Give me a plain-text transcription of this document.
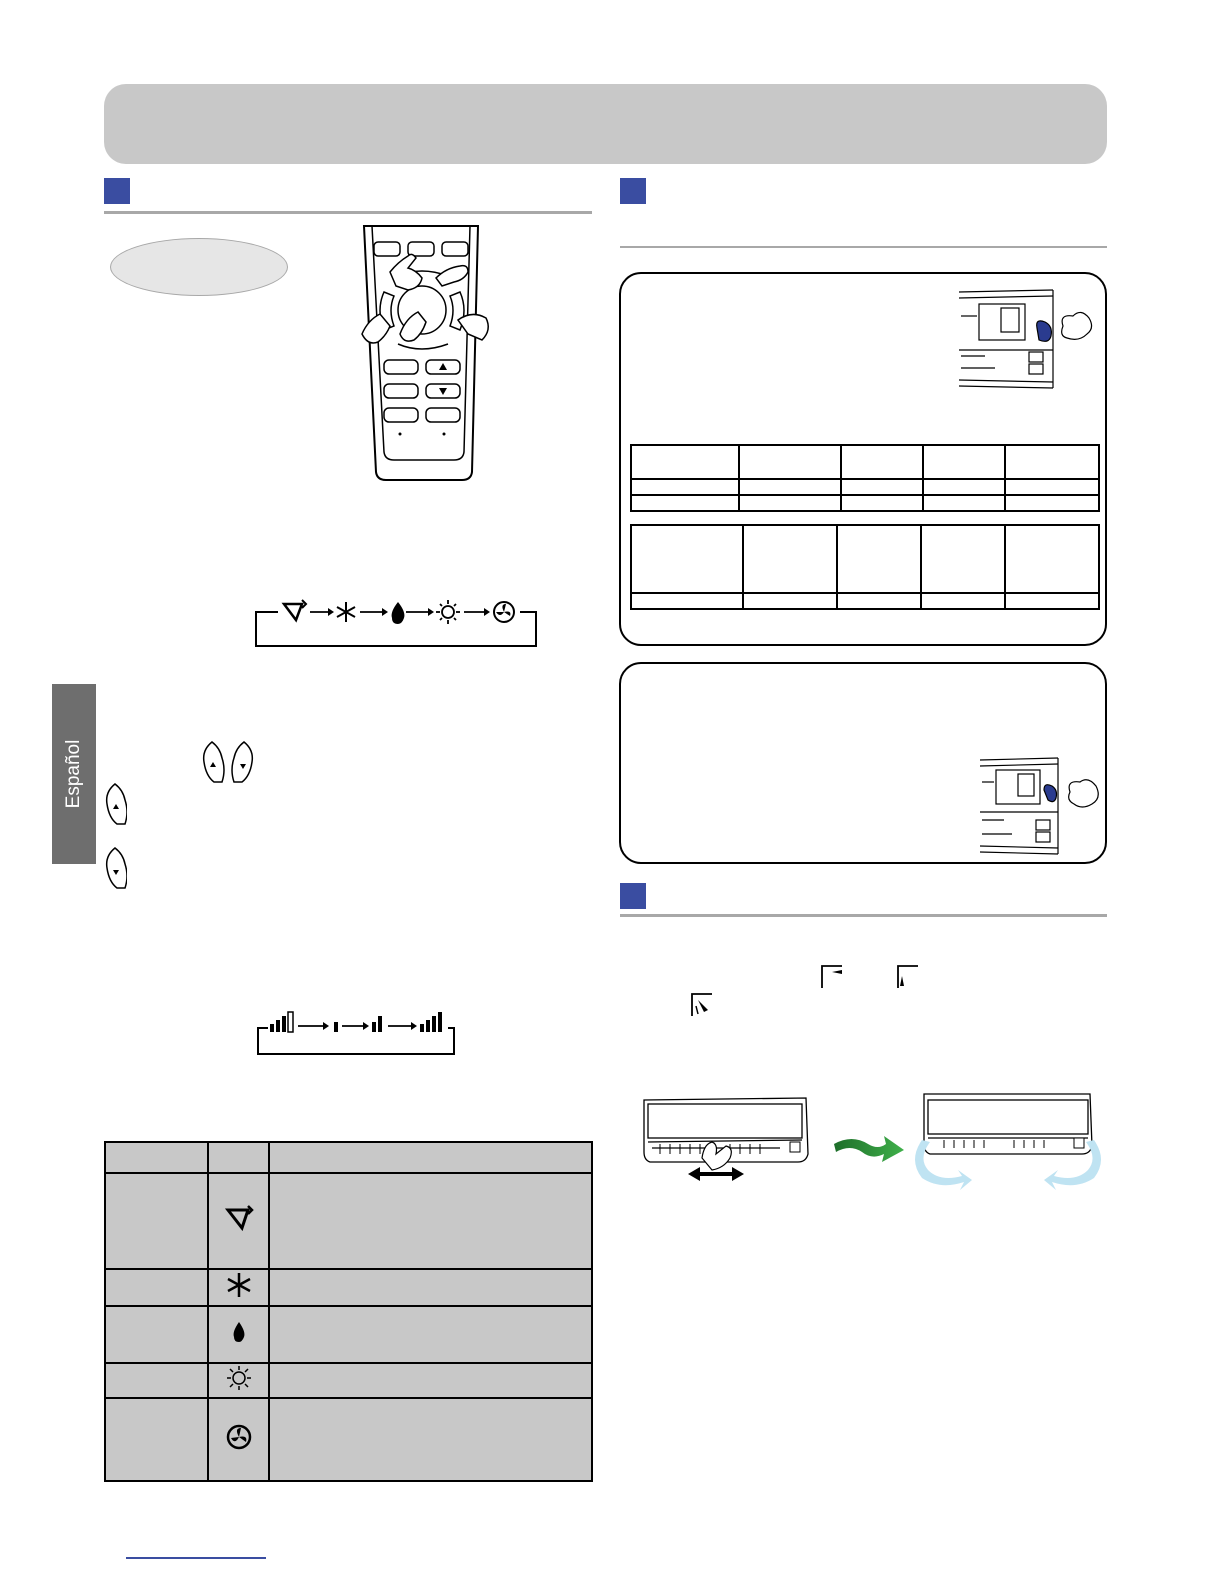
Español
